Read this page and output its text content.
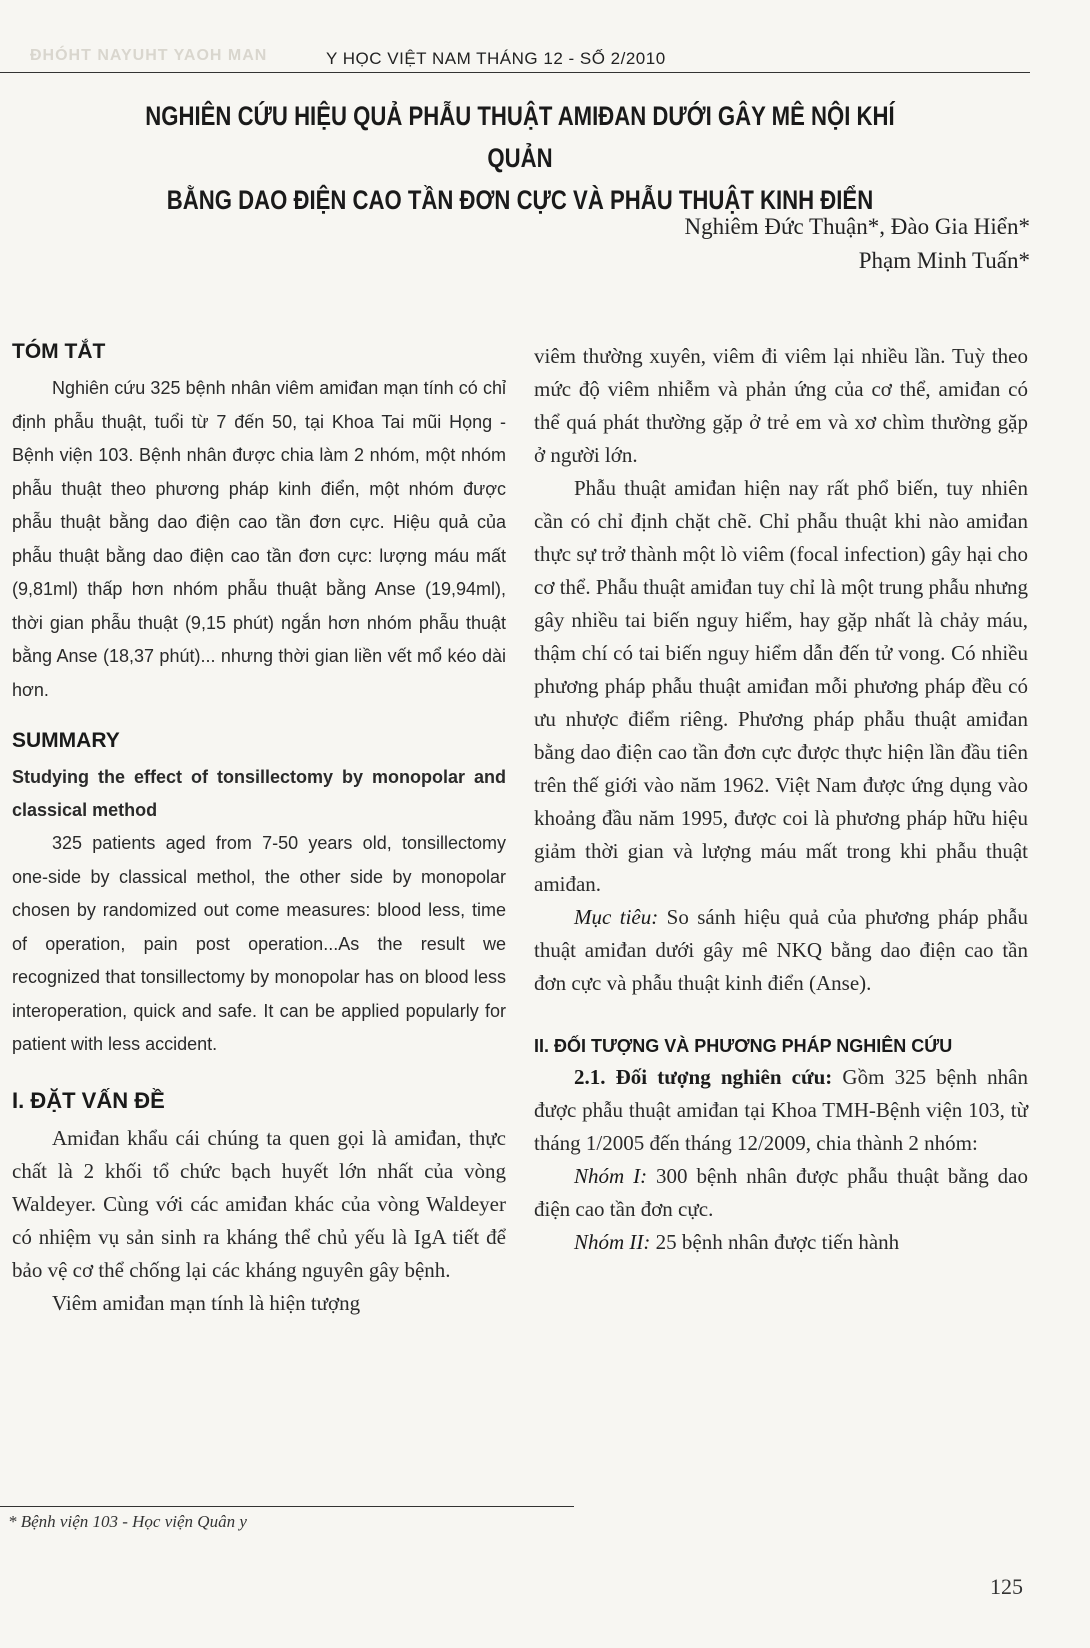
ĐHÓHT NAYUHT YAOH MAN	Y HỌC VIỆT NAM THÁNG 12 - SỐ 2/2010
NGHIÊN CỨU HIỆU QUẢ PHẪU THUẬT AMIĐAN DƯỚI GÂY MÊ NỘI KHÍ QUẢN
BẰNG DAO ĐIỆN CAO TẦN ĐƠN CỰC VÀ PHẪU THUẬT KINH ĐIỂN
Nghiêm Đức Thuận*, Đào Gia Hiển*
Phạm Minh Tuấn*
TÓM TẮT

Nghiên cứu 325 bệnh nhân viêm amiđan mạn tính có chỉ định phẫu thuật, tuổi từ 7 đến 50, tại Khoa Tai mũi Họng - Bệnh viện 103. Bệnh nhân được chia làm 2 nhóm, một nhóm phẫu thuật theo phương pháp kinh điển, một nhóm được phẫu thuật bằng dao điện cao tần đơn cực. Hiệu quả của phẫu thuật bằng dao điện cao tần đơn cực: lượng máu mất (9,81ml) thấp hơn nhóm phẫu thuật bằng Anse (19,94ml), thời gian phẫu thuật (9,15 phút) ngắn hơn nhóm phẫu thuật bằng Anse (18,37 phút)... nhưng thời gian liền vết mổ kéo dài hơn.

SUMMARY

Studying the effect of tonsillectomy by monopolar and classical method

325 patients aged from 7-50 years old, tonsillectomy one-side by classical methol, the other side by monopolar chosen by randomized out come measures: blood less, time of operation, pain post operation...As the result we recognized that tonsillectomy by monopolar has on blood less interoperation, quick and safe. It can be applied popularly for patient with less accident.

I. ĐẶT VẤN ĐỀ

Amiđan khẩu cái chúng ta quen gọi là amiđan, thực chất là 2 khối tổ chức bạch huyết lớn nhất của vòng Waldeyer. Cùng với các amiđan khác của vòng Waldeyer có nhiệm vụ sản sinh ra kháng thể chủ yếu là IgA tiết để bảo vệ cơ thể chống lại các kháng nguyên gây bệnh.

Viêm amiđan mạn tính là hiện tượng

viêm thường xuyên, viêm đi viêm lại nhiều lần. Tuỳ theo mức độ viêm nhiễm và phản ứng của cơ thể, amiđan có thể quá phát thường gặp ở trẻ em và xơ chìm thường gặp ở người lớn.

Phẫu thuật amiđan hiện nay rất phổ biến, tuy nhiên cần có chỉ định chặt chẽ. Chỉ phẫu thuật khi nào amiđan thực sự trở thành một lò viêm (focal infection) gây hại cho cơ thể. Phẫu thuật amiđan tuy chỉ là một trung phẫu nhưng gây nhiều tai biến nguy hiểm, hay gặp nhất là chảy máu, thậm chí có tai biến nguy hiểm dẫn đến tử vong. Có nhiều phương pháp phẫu thuật amiđan mỗi phương pháp đều có ưu nhược điểm riêng. Phương pháp phẫu thuật amiđan bằng dao điện cao tần đơn cực được thực hiện lần đầu tiên trên thế giới vào năm 1962. Việt Nam được ứng dụng vào khoảng đầu năm 1995, được coi là phương pháp hữu hiệu giảm thời gian và lượng máu mất trong khi phẫu thuật amiđan.

Mục tiêu: So sánh hiệu quả của phương pháp phẫu thuật amiđan dưới gây mê NKQ bằng dao điện cao tần đơn cực và phẫu thuật kinh điển (Anse).

II. ĐỐI TƯỢNG VÀ PHƯƠNG PHÁP NGHIÊN CỨU

2.1. Đối tượng nghiên cứu: Gồm 325 bệnh nhân được phẫu thuật amiđan tại Khoa TMH-Bệnh viện 103, từ tháng 1/2005 đến tháng 12/2009, chia thành 2 nhóm:

Nhóm I: 300 bệnh nhân được phẫu thuật bằng dao điện cao tần đơn cực.

Nhóm II: 25 bệnh nhân được tiến hành

* Bệnh viện 103 - Học viện Quân y
125
